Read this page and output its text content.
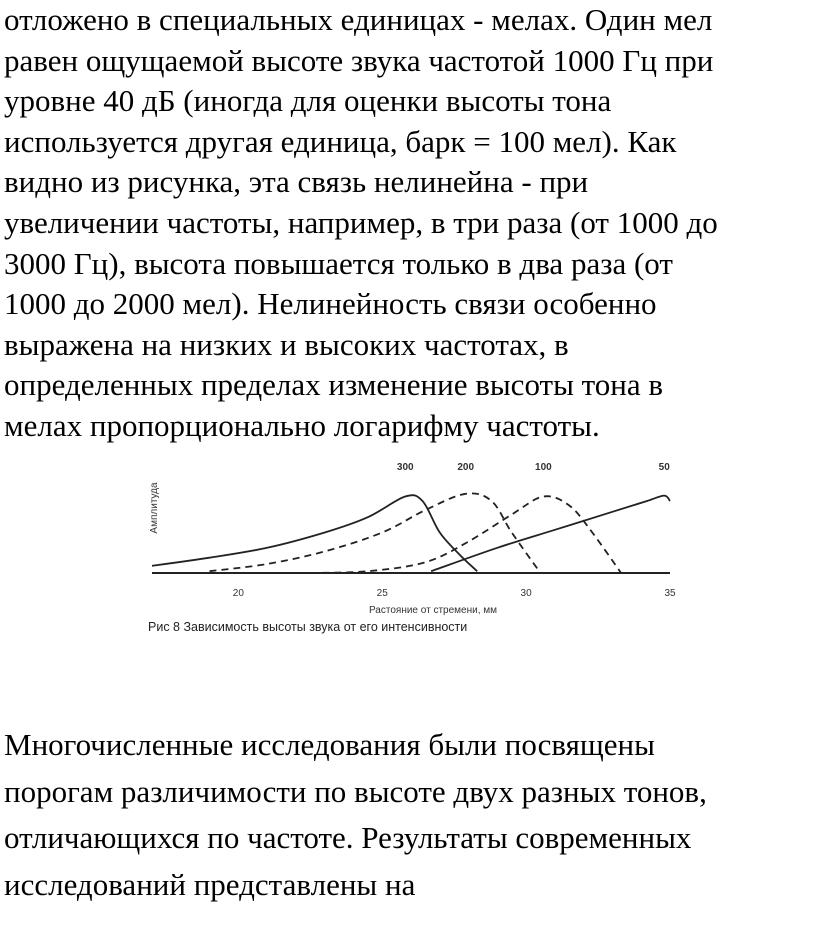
отложено в специальных единицах - мелах. Один мел
равен ощущаемой высоте звука частотой 1000 Гц при
уровне 40 дБ (иногда для оценки высоты тона
используется другая единица, барк = 100 мел). Как
видно из рисунка, эта связь нелинейна - при
увеличении частоты, например, в три раза (от 1000 до
3000 Гц), высота повышается только в два раза (от
1000 до 2000 мел). Нелинейность связи особенно
выражена на низких и высоких частотах, в
определенных пределах изменение высоты тона в
мелах пропорционально логарифму частоты.
Амплитуда
20	25	30	35
300	200	100	50
Растояние от стремени, мм
Рис 8 Зависимость высоты звука от его интенсивности
Многочисленные исследования были посвящены
порогам различимости по высоте двух разных тонов,
отличающихся по частоте. Результаты современных
исследований представлены на
